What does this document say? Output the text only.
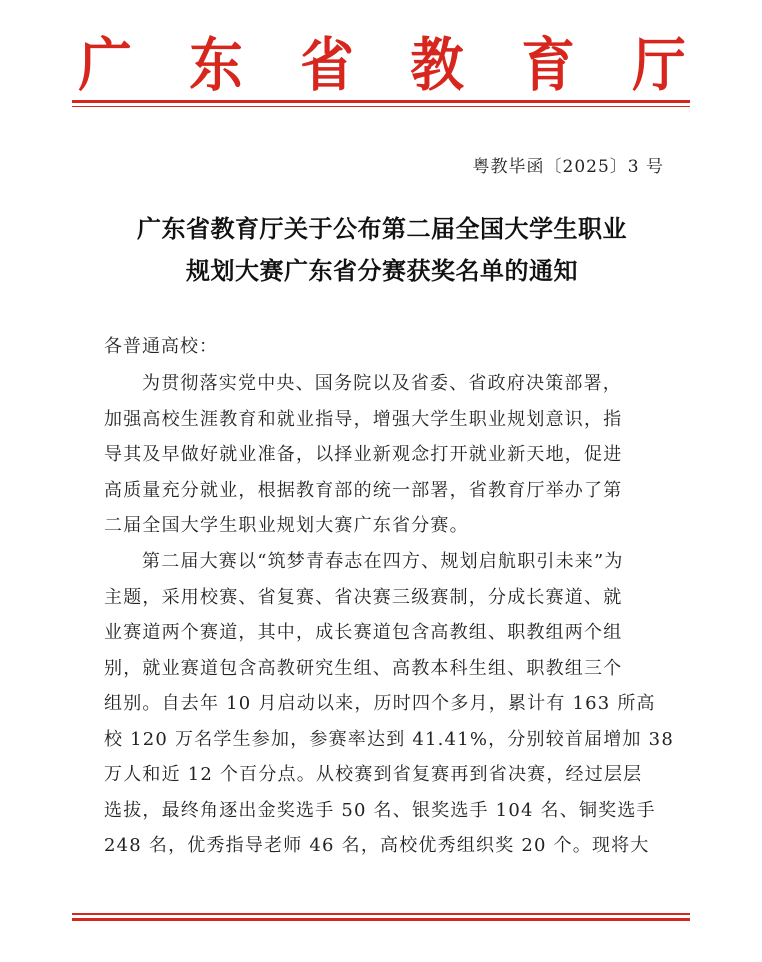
广 东 省 教 育 厅
粤教毕函〔2025〕3 号
广东省教育厅关于公布第二届全国大学生职业
规划大赛广东省分赛获奖名单的通知
各普通高校：
为贯彻落实党中央、国务院以及省委、省政府决策部署，
加强高校生涯教育和就业指导，增强大学生职业规划意识，指
导其及早做好就业准备，以择业新观念打开就业新天地，促进
高质量充分就业，根据教育部的统一部署，省教育厅举办了第
二届全国大学生职业规划大赛广东省分赛。
第二届大赛以“筑梦青春志在四方、规划启航职引未来”为
主题，采用校赛、省复赛、省决赛三级赛制，分成长赛道、就
业赛道两个赛道，其中，成长赛道包含高教组、职教组两个组
别，就业赛道包含高教研究生组、高教本科生组、职教组三个
组别。自去年 10 月启动以来，历时四个多月，累计有 163 所高
校 120 万名学生参加，参赛率达到 41.41%，分别较首届增加 38
万人和近 12 个百分点。从校赛到省复赛再到省决赛，经过层层
选拔，最终角逐出金奖选手 50 名、银奖选手 104 名、铜奖选手
248 名，优秀指导老师 46 名，高校优秀组织奖 20 个。现将大
